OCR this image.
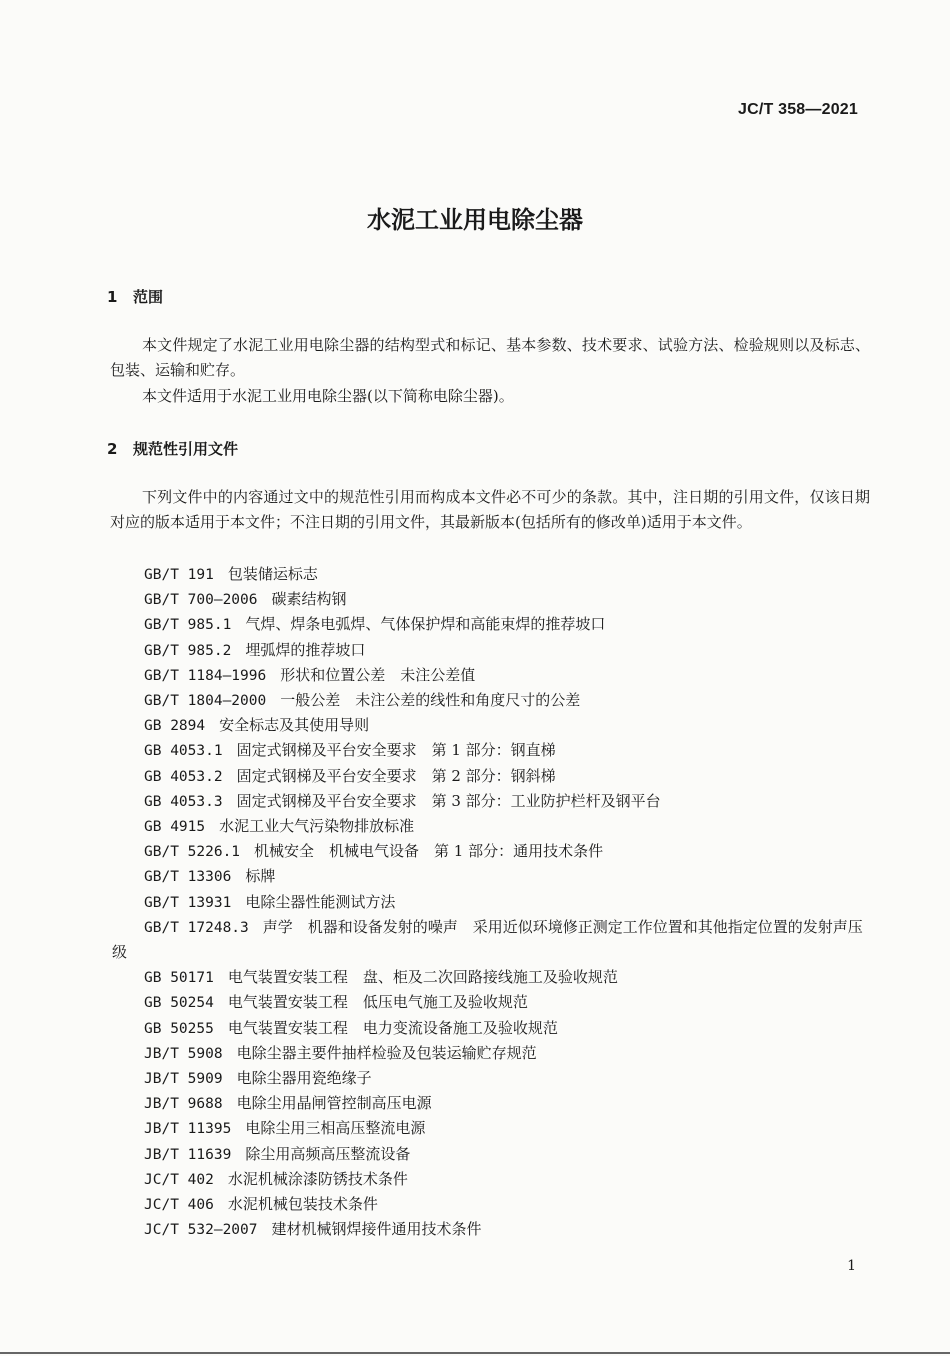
JC/T 358—2021
水泥工业用电除尘器
1 范围

本文件规定了水泥工业用电除尘器的结构型式和标记、基本参数、技术要求、试验方法、检验规则以及标志、包装、运输和贮存。

本文件适用于水泥工业用电除尘器(以下简称电除尘器)。

2 规范性引用文件

下列文件中的内容通过文中的规范性引用而构成本文件必不可少的条款。其中，注日期的引用文件，仅该日期对应的版本适用于本文件；不注日期的引用文件，其最新版本(包括所有的修改单)适用于本文件。

GB/T 191 包装储运标志
GB/T 700—2006 碳素结构钢
GB/T 985.1 气焊、焊条电弧焊、气体保护焊和高能束焊的推荐坡口
GB/T 985.2 埋弧焊的推荐坡口
GB/T 1184—1996 形状和位置公差　未注公差值
GB/T 1804—2000 一般公差　未注公差的线性和角度尺寸的公差
GB 2894 安全标志及其使用导则
GB 4053.1 固定式钢梯及平台安全要求　第 1 部分：钢直梯
GB 4053.2 固定式钢梯及平台安全要求　第 2 部分：钢斜梯
GB 4053.3 固定式钢梯及平台安全要求　第 3 部分：工业防护栏杆及钢平台
GB 4915 水泥工业大气污染物排放标准
GB/T 5226.1 机械安全　机械电气设备　第 1 部分：通用技术条件
GB/T 13306 标牌
GB/T 13931 电除尘器性能测试方法
GB/T 17248.3 声学　机器和设备发射的噪声　采用近似环境修正测定工作位置和其他指定位置的发射声压级
GB 50171 电气装置安装工程　盘、柜及二次回路接线施工及验收规范
GB 50254 电气装置安装工程　低压电气施工及验收规范
GB 50255 电气装置安装工程　电力变流设备施工及验收规范
JB/T 5908 电除尘器主要件抽样检验及包装运输贮存规范
JB/T 5909 电除尘器用瓷绝缘子
JB/T 9688 电除尘用晶闸管控制高压电源
JB/T 11395 电除尘用三相高压整流电源
JB/T 11639 除尘用高频高压整流设备
JC/T 402 水泥机械涂漆防锈技术条件
JC/T 406 水泥机械包装技术条件
JC/T 532—2007 建材机械钢焊接件通用技术条件
1
